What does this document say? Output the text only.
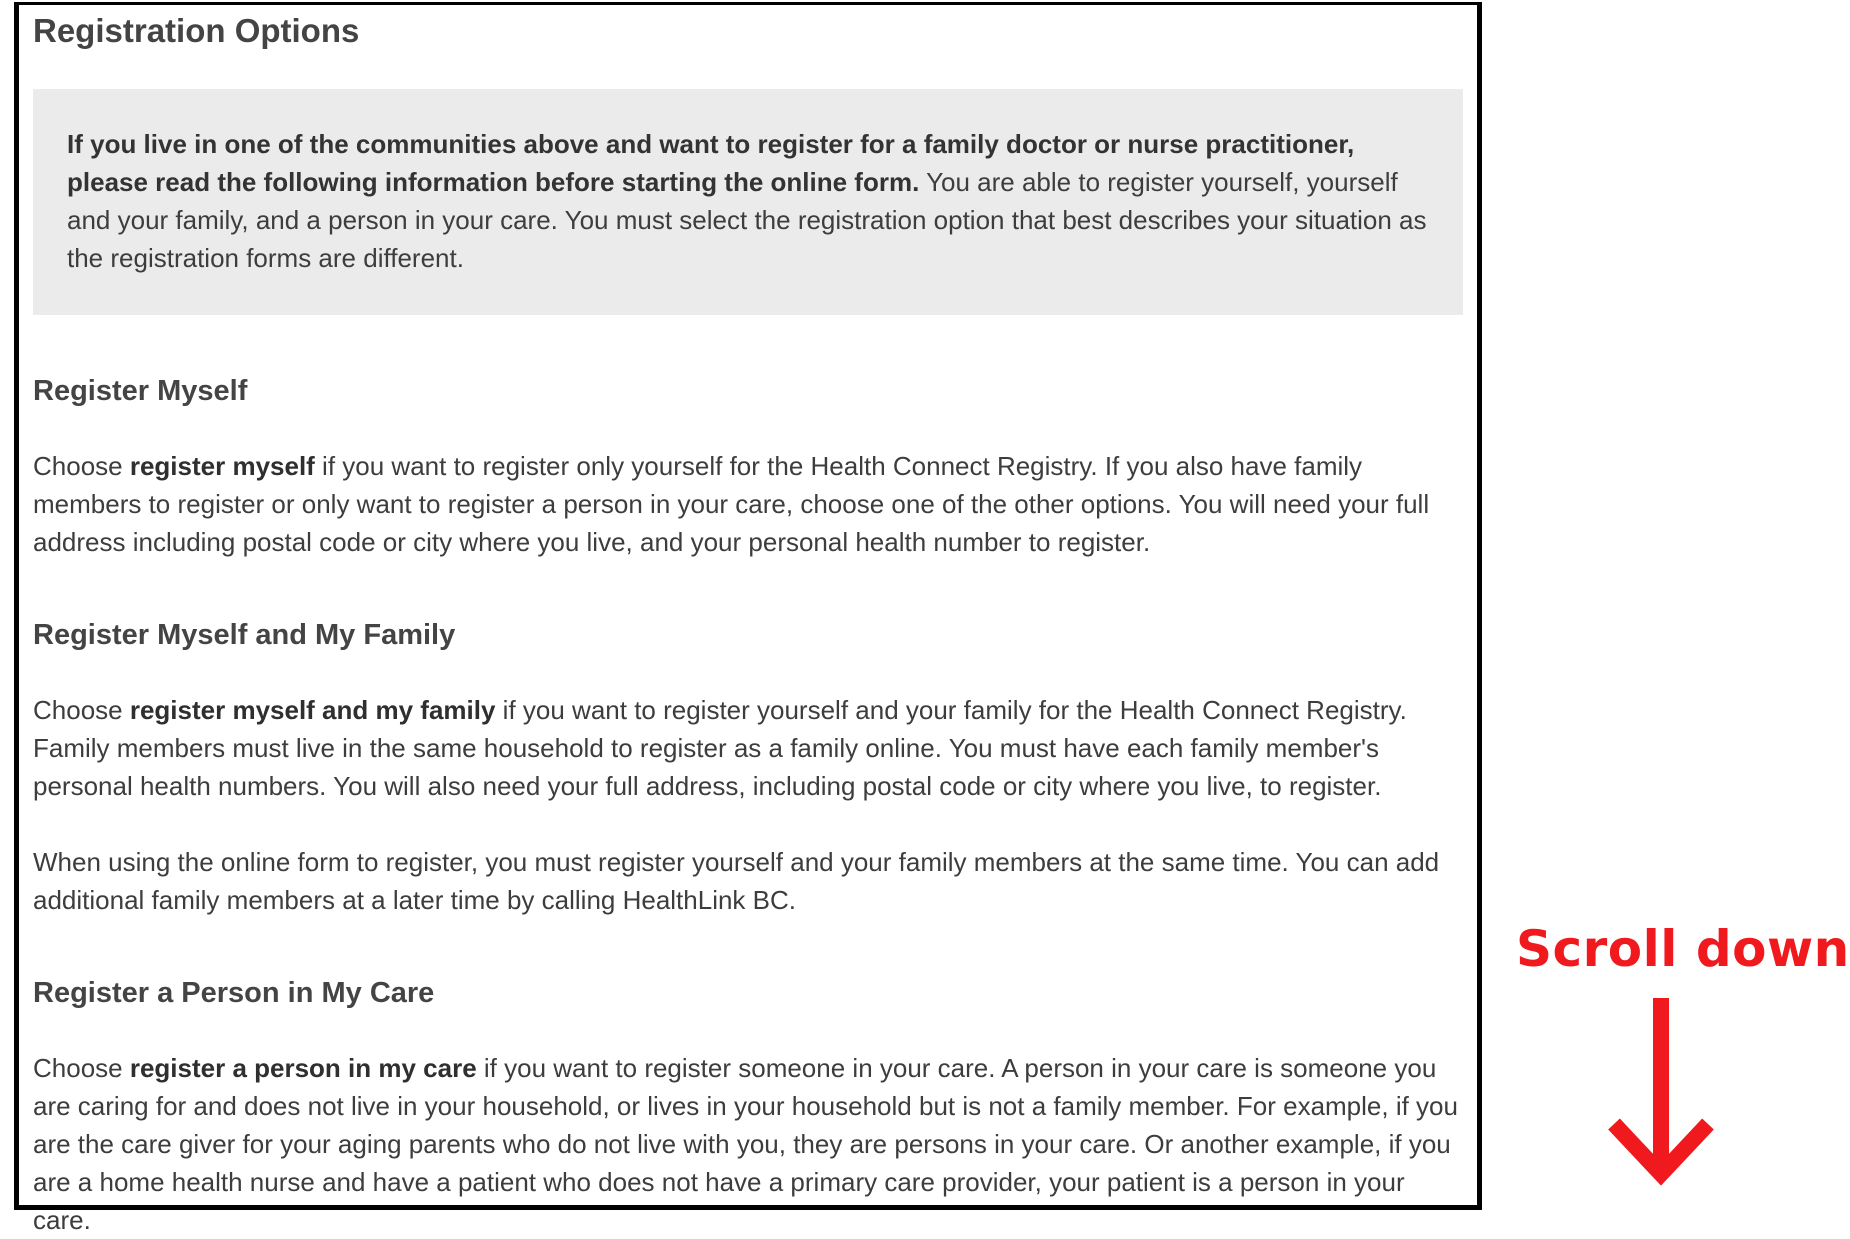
Registration Options
If you live in one of the communities above and want to register for a family doctor or nurse practitioner, please read the following information before starting the online form. You are able to register yourself, yourself and your family, and a person in your care. You must select the registration option that best describes your situation as the registration forms are different.
Register Myself

Choose register myself if you want to register only yourself for the Health Connect Registry. If you also have family members to register or only want to register a person in your care, choose one of the other options. You will need your full address including postal code or city where you live, and your personal health number to register.

Register Myself and My Family

Choose register myself and my family if you want to register yourself and your family for the Health Connect Registry. Family members must live in the same household to register as a family online. You must have each family member's personal health numbers. You will also need your full address, including postal code or city where you live, to register.

When using the online form to register, you must register yourself and your family members at the same time. You can add additional family members at a later time by calling HealthLink BC.

Register a Person in My Care

Choose register a person in my care if you want to register someone in your care. A person in your care is someone you are caring for and does not live in your household, or lives in your household but is not a family member. For example, if you are the care giver for your aging parents who do not live with you, they are persons in your care. Or another example, if you are a home health nurse and have a patient who does not have a primary care provider, your patient is a person in your care.

Scroll down
